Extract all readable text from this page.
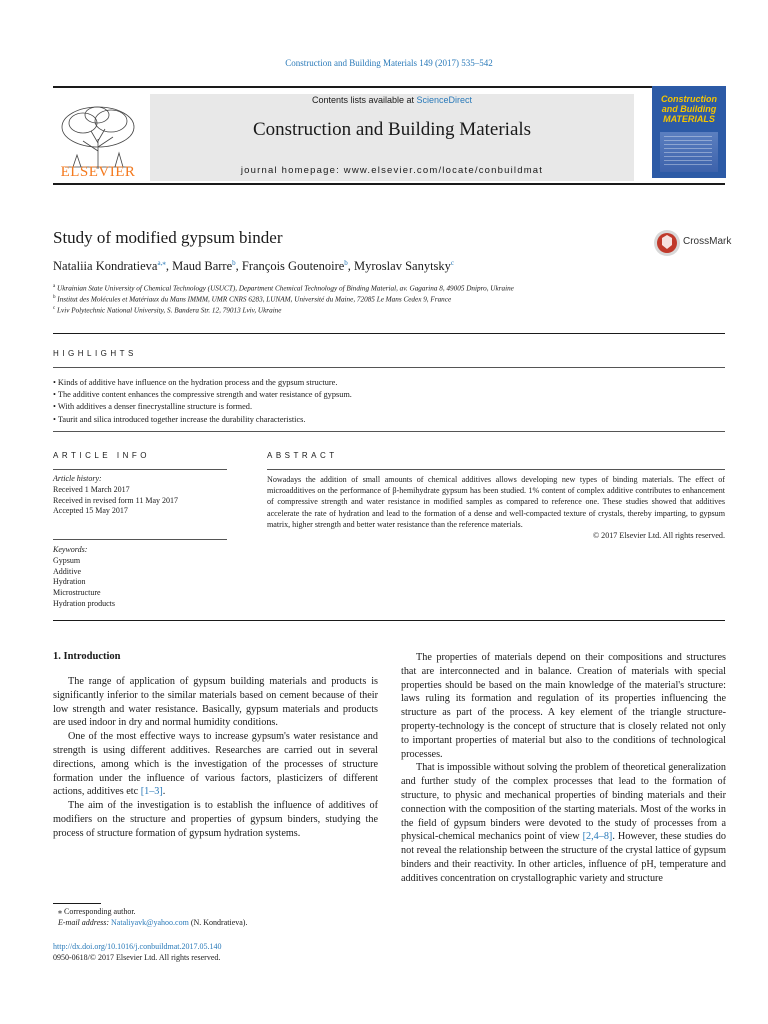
Construction and Building Materials 149 (2017) 535–542
ELSEVIER
Contents lists available at ScienceDirect
Construction and Building Materials
journal homepage: www.elsevier.com/locate/conbuildmat
Construction and Building MATERIALS
Study of modified gypsum binder	CrossMark
Nataliia Kondratieva$^{a,⁎}$, Maud Barre$^b$, François Goutenoire$^b$, Myroslav Sanytsky$^c$
$^a$ Ukrainian State University of Chemical Technology (USUCT), Department Chemical Technology of Binding Material, av. Gagarina 8, 49005 Dnipro, Ukraine
$^b$ Institut des Molécules et Matériaux du Mans IMMM, UMR CNRS 6283, LUNAM, Université du Maine, 72085 Le Mans Cedex 9, France
$^c$ Lviv Polytechnic National University, S. Bandera Str. 12, 79013 Lviv, Ukraine
HIGHLIGHTS
• Kinds of additive have influence on the hydration process and the gypsum structure.
• The additive content enhances the compressive strength and water resistance of gypsum.
• With additives a denser finecrystalline structure is formed.
• Taurit and silica introduced together increase the durability characteristics.
ARTICLE INFO	ABSTRACT
Article history:
Received 1 March 2017
Received in revised form 11 May 2017
Accepted 15 May 2017
Keywords:
Gypsum
Additive
Hydration
Microstructure
Hydration products
Nowadays the addition of small amounts of chemical additives allows developing new types of binding materials. The effect of microadditives on the performance of β-hemihydrate gypsum has been studied. 1% content of complex additive contributes to enhancement of compressive strength and water resistance in modified samples as compared to reference one. These studies showed that additives accelerate the rate of hydration and lead to the formation of a dense and well-compacted texture of crystals, thereby imparting, to gypsum matrix, higher strength and better water resistance than the reference materials.
© 2017 Elsevier Ltd. All rights reserved.
1. Introduction

The range of application of gypsum building materials and products is significantly inferior to the similar materials based on cement because of their low strength and water resistance. Basically, gypsum materials and products are used indoor in dry and normal humidity conditions.

One of the most effective ways to increase gypsum's water resistance and strength is using different additives. Researches are carried out in several directions, among which is the investigation of the processes of structure formation under the influence of various factors, plasticizers of different actions, additives etc [1–3].

The aim of the investigation is to establish the influence of additives of modifiers on the structure and properties of gypsum binders, studying the process of structure formation of gypsum hydration systems.

The properties of materials depend on their compositions and structures that are interconnected and in balance. Creation of materials with special properties should be based on the main knowledge of the material's structure: laws ruling its formation and regulation of its properties influencing the structure as part of the process. A key element of the triangle structure-property-technology is the concept of structure that is closely related not only to important properties of material but also to the conditions of technological processes.

That is impossible without solving the problem of theoretical generalization and further study of the complex processes that lead to the formation of structure, to physic and mechanical properties of binding materials and their connection with the composition of the starting materials. Most of the works in the field of gypsum binders were devoted to the study of processes from a physical-chemical mechanics point of view [2,4–8]. However, these studies do not reveal the relationship between the structure of the crystal lattice of gypsum binders and their reactivity. In other articles, influence of pH, temperature and additives concentration on crystallographic variety and structure

⁎ Corresponding author.
E-mail address: Nataliyavk@yahoo.com (N. Kondratieva).
http://dx.doi.org/10.1016/j.conbuildmat.2017.05.140
0950-0618/© 2017 Elsevier Ltd. All rights reserved.
